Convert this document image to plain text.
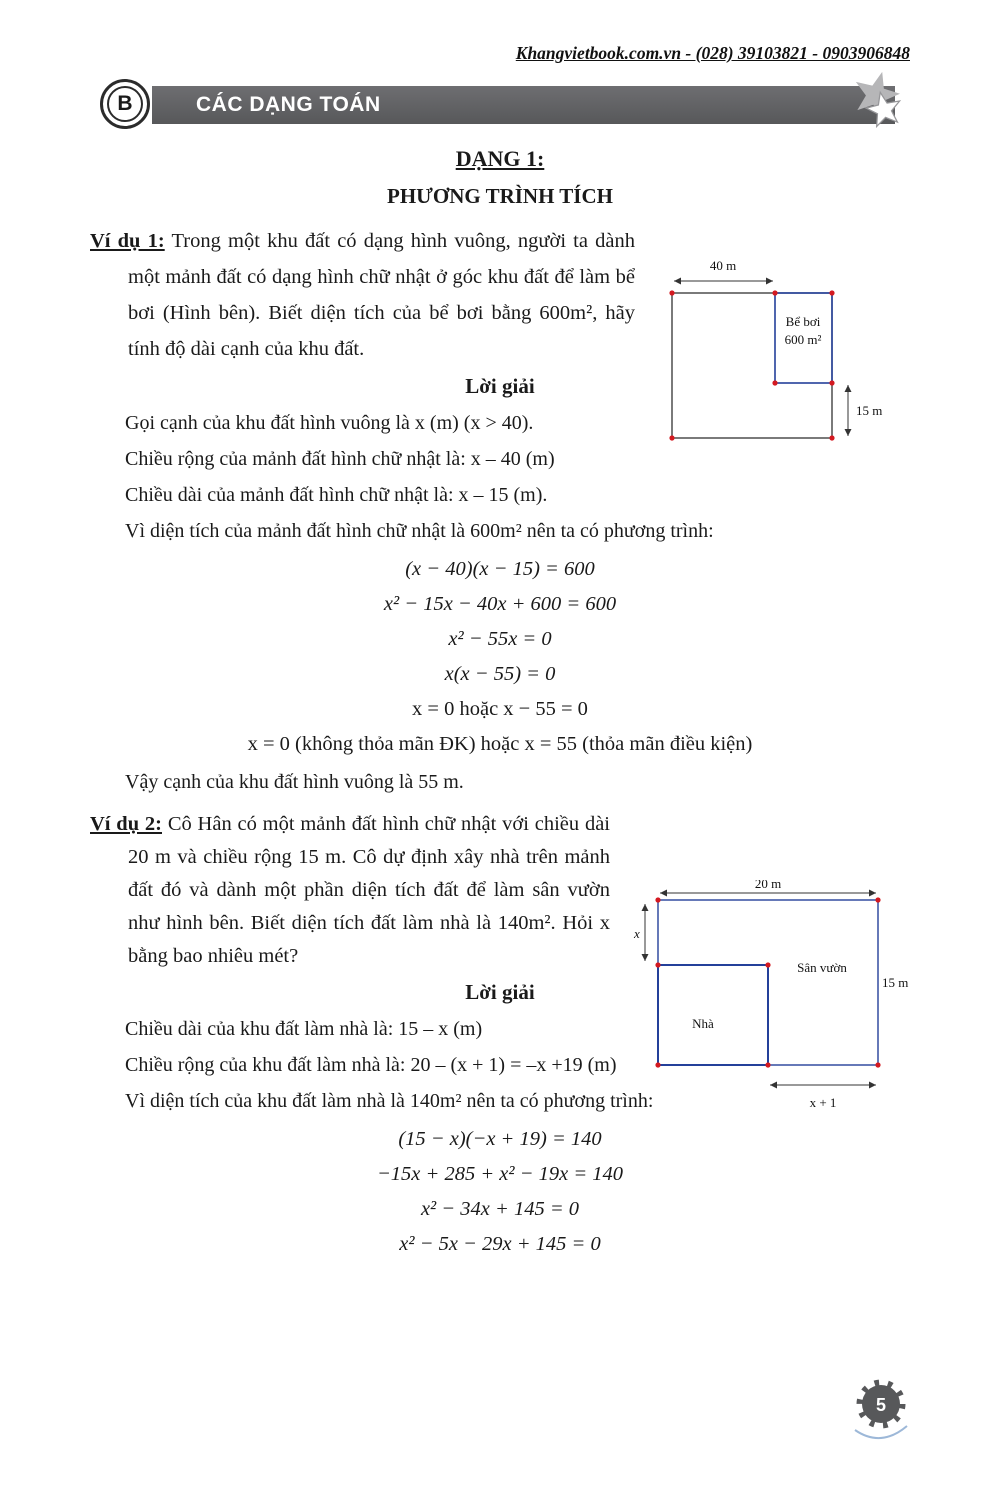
Khangvietbook.com.vn - (028) 39103821 - 0903906848
CÁC DẠNG TOÁN
B
DẠNG 1:
PHƯƠNG TRÌNH TÍCH

Ví dụ 1: Trong một khu đất có dạng hình vuông, người ta dành một mảnh đất có dạng hình chữ nhật ở góc khu đất để làm bể bơi (Hình bên). Biết diện tích của bể bơi bằng 600m², hãy tính độ dài cạnh của khu đất.

40 m
Bể bơi
600 m²
15 m
Lời giải
Gọi cạnh của khu đất hình vuông là x (m) (x > 40).
Chiều rộng của mảnh đất hình chữ nhật là: x – 40 (m)
Chiều dài của mảnh đất hình chữ nhật là: x – 15 (m).
Vì diện tích của mảnh đất hình chữ nhật là 600m² nên ta có phương trình:
(x − 40)(x − 15) = 600
x² − 15x − 40x + 600 = 600
x² − 55x = 0
x(x − 55) = 0
x = 0 hoặc x − 55 = 0
x = 0 (không thỏa mãn ĐK) hoặc x = 55 (thỏa mãn điều kiện)
Vậy cạnh của khu đất hình vuông là 55 m.

Ví dụ 2: Cô Hân có một mảnh đất hình chữ nhật với chiều dài 20 m và chiều rộng 15 m. Cô dự định xây nhà trên mảnh đất đó và dành một phần diện tích đất để làm sân vườn như hình bên. Biết diện tích đất làm nhà là 140m². Hỏi x bằng bao nhiêu mét?

20 m
x
Sân vườn
15 m
Nhà
x + 1
Lời giải
Chiều dài của khu đất làm nhà là: 15 – x (m)
Chiều rộng của khu đất làm nhà là: 20 – (x + 1) = –x +19 (m)
Vì diện tích của khu đất làm nhà là 140m² nên ta có phương trình:
(15 − x)(−x + 19) = 140
−15x + 285 + x² − 19x = 140
x² − 34x + 145 = 0
x² − 5x − 29x + 145 = 0
5
